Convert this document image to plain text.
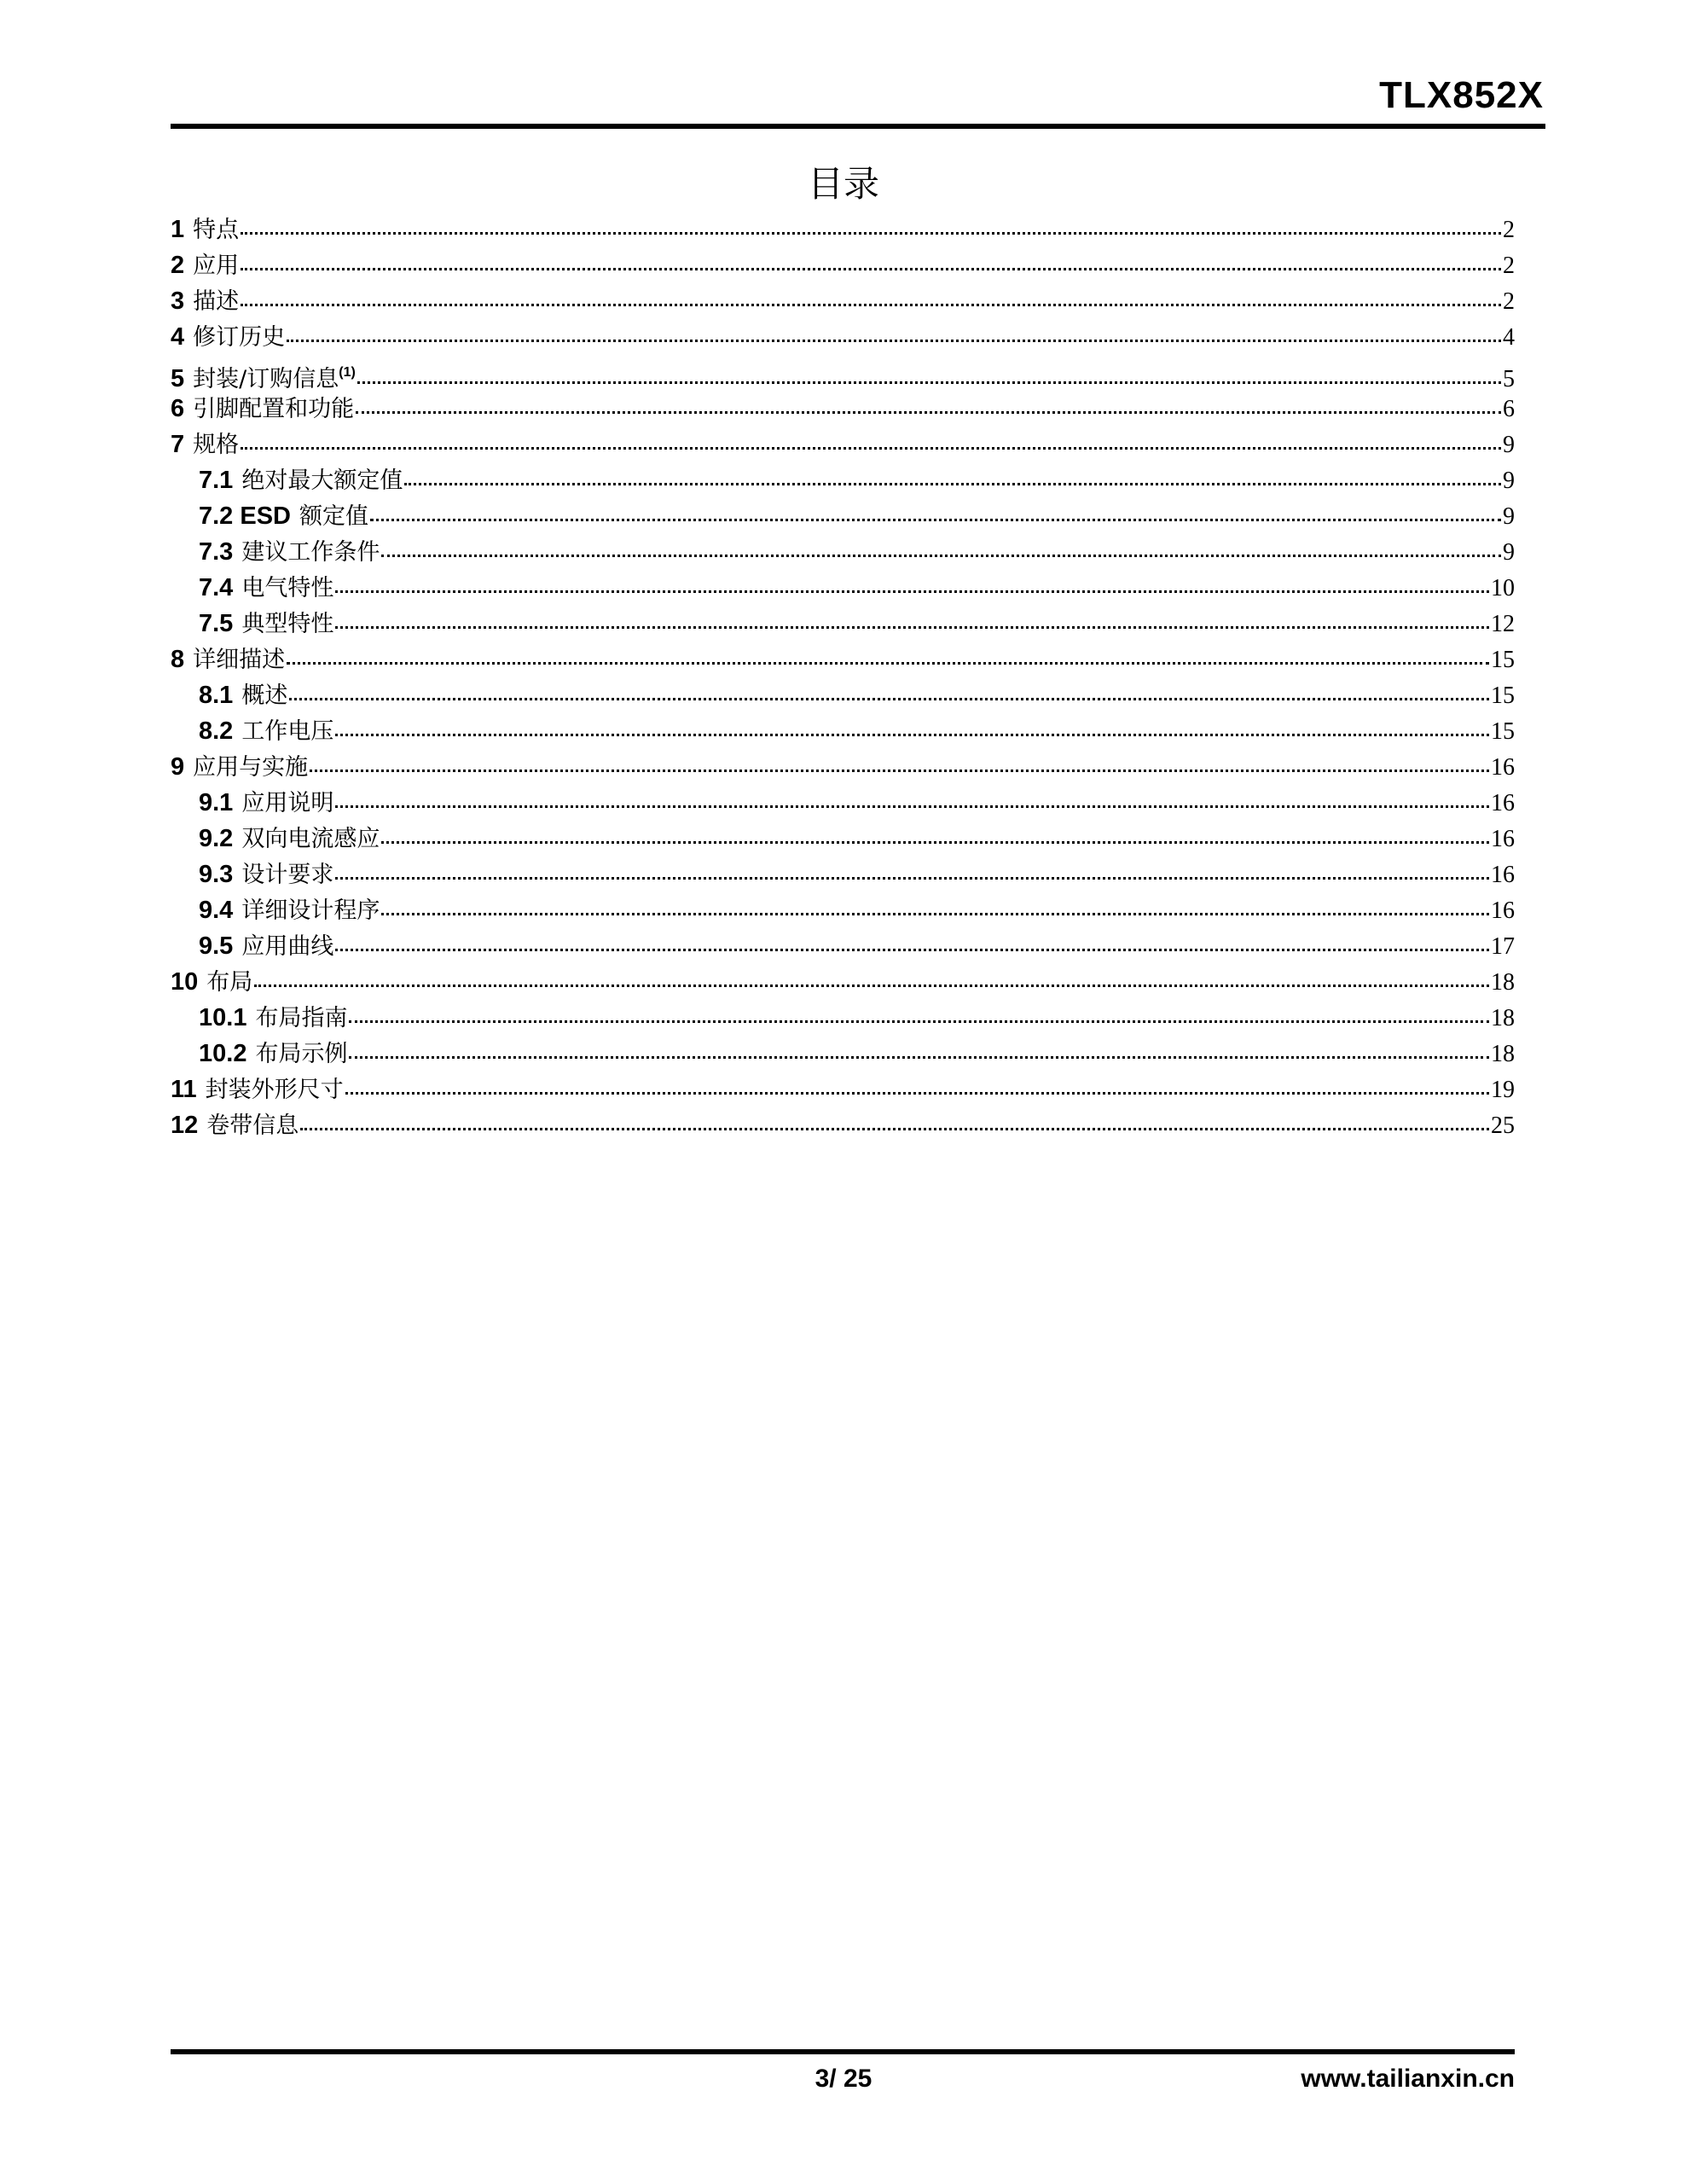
TLX852X
目录
1 特点	2
2 应用	2
3 描述	2
4 修订历史	4
5 封装/订购信息$^{(1)}$	5
6 引脚配置和功能	6
7 规格	9
7.1 绝对最大额定值	9
7.2 ESD 额定值	9
7.3 建议工作条件	9
7.4 电气特性	10
7.5 典型特性	12
8 详细描述	15
8.1 概述	15
8.2 工作电压	15
9 应用与实施	16
9.1 应用说明	16
9.2 双向电流感应	16
9.3 设计要求	16
9.4 详细设计程序	16
9.5 应用曲线	17
10 布局	18
10.1 布局指南	18
10.2 布局示例	18
11 封装外形尺寸	19
12 卷带信息	25
3/ 25	www.tailianxin.cn
